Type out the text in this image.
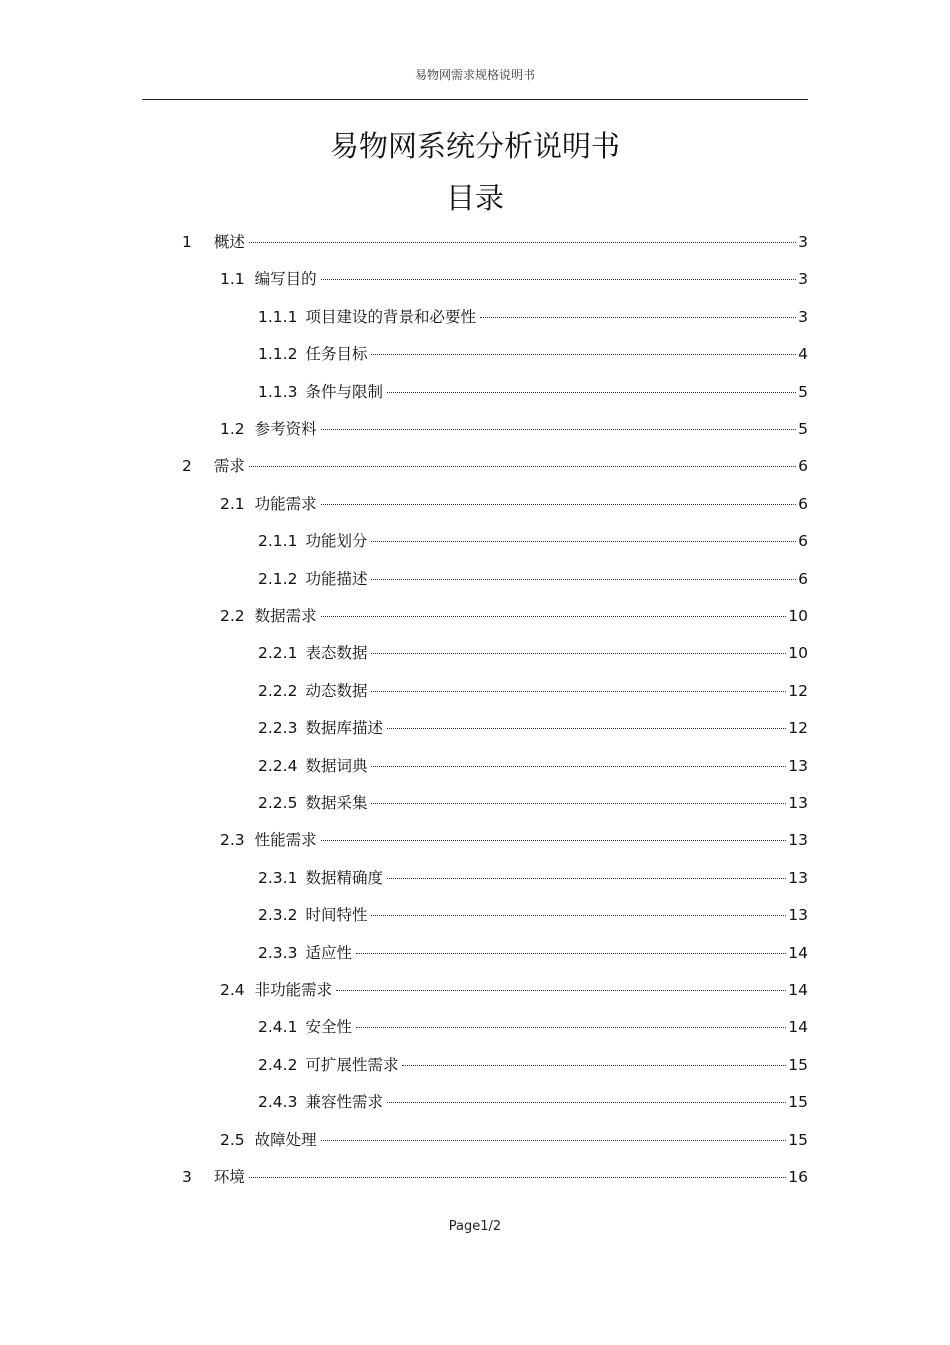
易物网需求规格说明书
易物网系统分析说明书
目录
1 概述	3
1.1 编写目的	3
1.1.1 项目建设的背景和必要性	3
1.1.2 任务目标	4
1.1.3 条件与限制	5
1.2 参考资料	5
2 需求	6
2.1 功能需求	6
2.1.1 功能划分	6
2.1.2 功能描述	6
2.2 数据需求	10
2.2.1 表态数据	10
2.2.2 动态数据	12
2.2.3 数据库描述	12
2.2.4 数据词典	13
2.2.5 数据采集	13
2.3 性能需求	13
2.3.1 数据精确度	13
2.3.2 时间特性	13
2.3.3 适应性	14
2.4 非功能需求	14
2.4.1 安全性	14
2.4.2 可扩展性需求	15
2.4.3 兼容性需求	15
2.5 故障处理	15
3 环境	16
Page1/2
